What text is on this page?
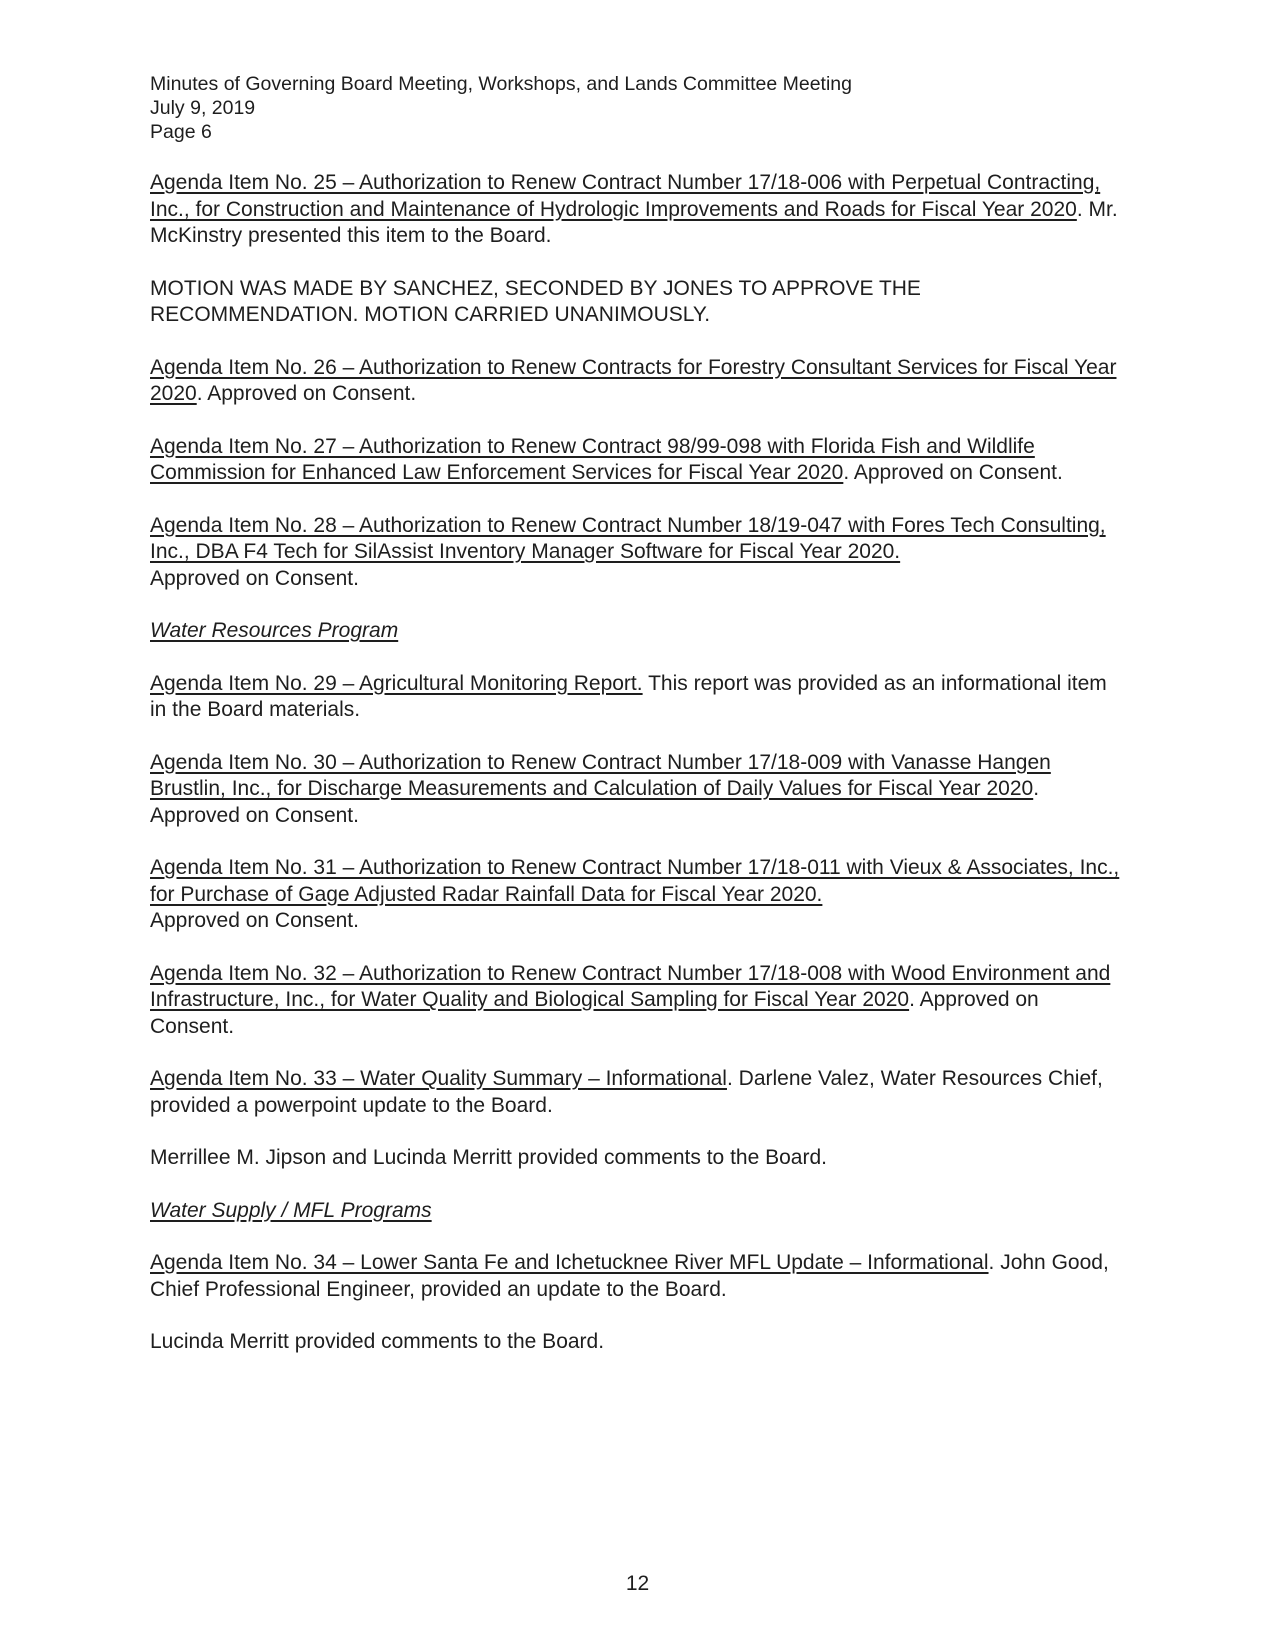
Minutes of Governing Board Meeting, Workshops, and Lands Committee Meeting
July 9, 2019
Page 6

Agenda Item No. 25 – Authorization to Renew Contract Number 17/18-006 with Perpetual Contracting, Inc., for Construction and Maintenance of Hydrologic Improvements and Roads for Fiscal Year 2020. Mr. McKinstry presented this item to the Board.

MOTION WAS MADE BY SANCHEZ, SECONDED BY JONES TO APPROVE THE RECOMMENDATION. MOTION CARRIED UNANIMOUSLY.

Agenda Item No. 26 – Authorization to Renew Contracts for Forestry Consultant Services for Fiscal Year 2020. Approved on Consent.

Agenda Item No. 27 – Authorization to Renew Contract 98/99-098 with Florida Fish and Wildlife Commission for Enhanced Law Enforcement Services for Fiscal Year 2020. Approved on Consent.

Agenda Item No. 28 – Authorization to Renew Contract Number 18/19-047 with Fores Tech Consulting, Inc., DBA F4 Tech for SilAssist Inventory Manager Software for Fiscal Year 2020.
Approved on Consent.

Water Resources Program

Agenda Item No. 29 – Agricultural Monitoring Report. This report was provided as an informational item in the Board materials.

Agenda Item No. 30 – Authorization to Renew Contract Number 17/18-009 with Vanasse Hangen Brustlin, Inc., for Discharge Measurements and Calculation of Daily Values for Fiscal Year 2020. Approved on Consent.

Agenda Item No. 31 – Authorization to Renew Contract Number 17/18-011 with Vieux & Associates, Inc., for Purchase of Gage Adjusted Radar Rainfall Data for Fiscal Year 2020.
Approved on Consent.

Agenda Item No. 32 – Authorization to Renew Contract Number 17/18-008 with Wood Environment and Infrastructure, Inc., for Water Quality and Biological Sampling for Fiscal Year 2020. Approved on Consent.

Agenda Item No. 33 – Water Quality Summary – Informational. Darlene Valez, Water Resources Chief, provided a powerpoint update to the Board.

Merrillee M. Jipson and Lucinda Merritt provided comments to the Board.

Water Supply / MFL Programs

Agenda Item No. 34 – Lower Santa Fe and Ichetucknee River MFL Update – Informational. John Good, Chief Professional Engineer, provided an update to the Board.

Lucinda Merritt provided comments to the Board.

12
